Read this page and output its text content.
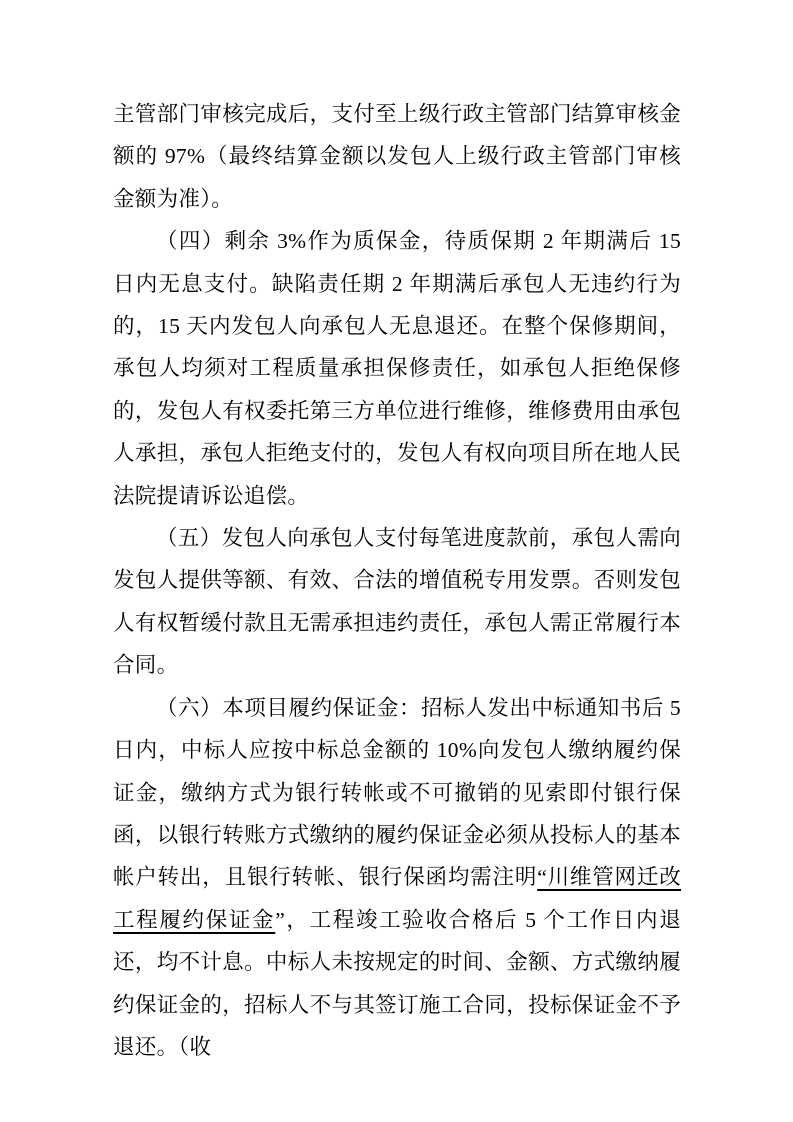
主管部门审核完成后，支付至上级行政主管部门结算审核金额的 97%（最终结算金额以发包人上级行政主管部门审核金额为准）。

（四）剩余 3%作为质保金，待质保期 2 年期满后 15 日内无息支付。缺陷责任期 2 年期满后承包人无违约行为的，15 天内发包人向承包人无息退还。在整个保修期间，承包人均须对工程质量承担保修责任，如承包人拒绝保修的，发包人有权委托第三方单位进行维修，维修费用由承包人承担，承包人拒绝支付的，发包人有权向项目所在地人民法院提请诉讼追偿。

（五）发包人向承包人支付每笔进度款前，承包人需向发包人提供等额、有效、合法的增值税专用发票。否则发包人有权暂缓付款且无需承担违约责任，承包人需正常履行本合同。

（六）本项目履约保证金：招标人发出中标通知书后 5 日内，中标人应按中标总金额的 10%向发包人缴纳履约保证金，缴纳方式为银行转帐或不可撤销的见索即付银行保函，以银行转账方式缴纳的履约保证金必须从投标人的基本帐户转出，且银行转帐、银行保函均需注明“川维管网迁改工程履约保证金”，工程竣工验收合格后 5 个工作日内退还，均不计息。中标人未按规定的时间、金额、方式缴纳履约保证金的，招标人不与其签订施工合同，投标保证金不予退还。（收
